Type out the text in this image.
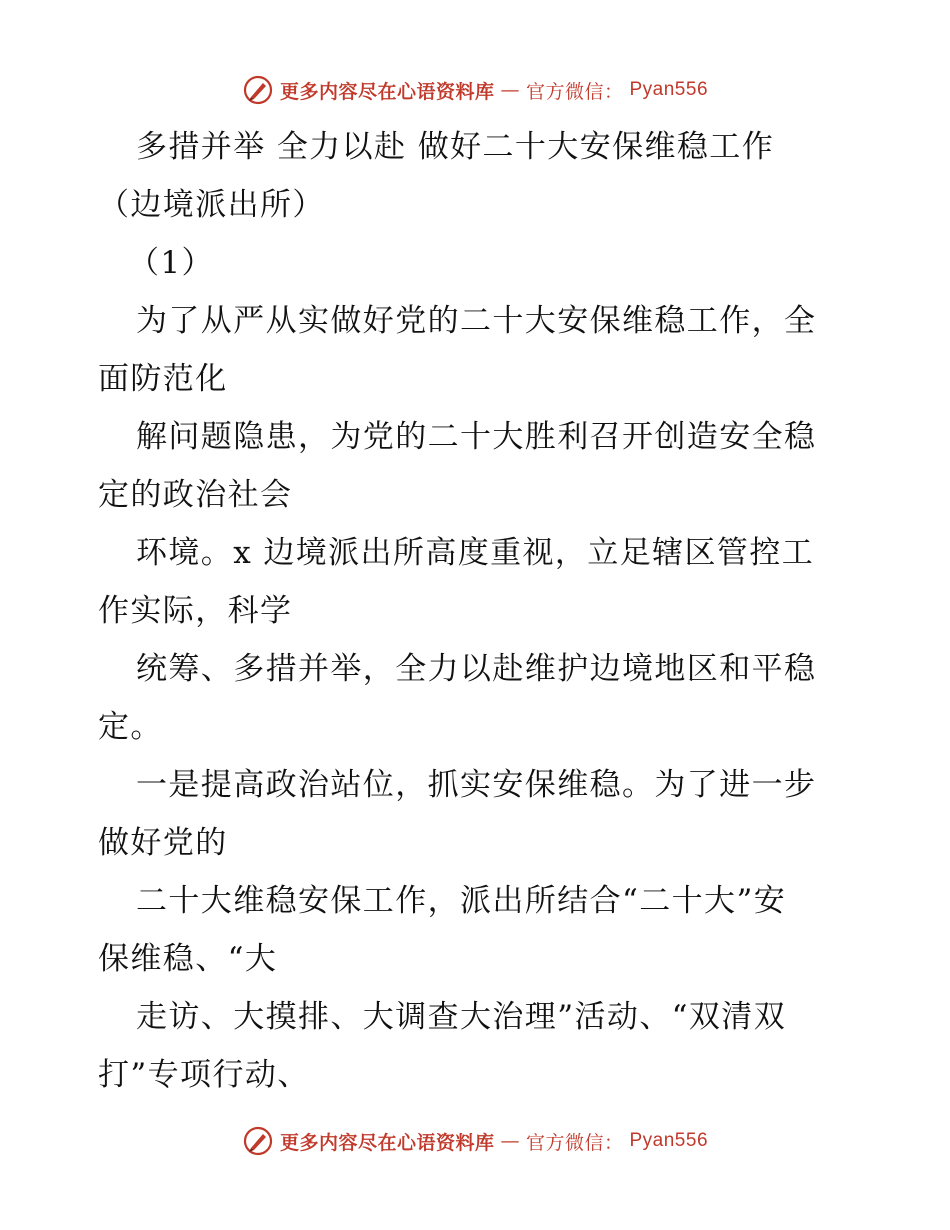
更多内容尽在心语资料库 — 官方微信： Pyan556
多措并举 全力以赴 做好二十大安保维稳工作
（边境派出所）
（1）
为了从严从实做好党的二十大安保维稳工作，全
面防范化
解问题隐患，为党的二十大胜利召开创造安全稳
定的政治社会
环境。x 边境派出所高度重视，立足辖区管控工
作实际，科学
统筹、多措并举，全力以赴维护边境地区和平稳
定。
一是提高政治站位，抓实安保维稳。为了进一步
做好党的
二十大维稳安保工作，派出所结合“二十大”安
保维稳、“大
走访、大摸排、大调查大治理”活动、“双清双
打”专项行动、
更多内容尽在心语资料库 — 官方微信： Pyan556
